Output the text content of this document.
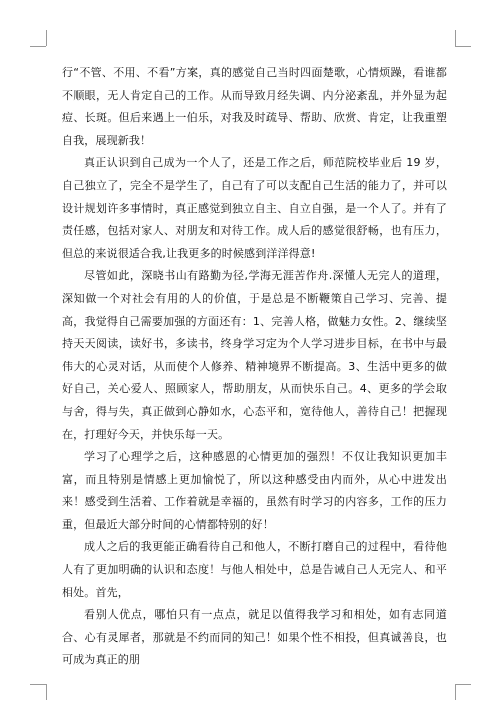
行“不管、不用、不看”方案，真的感觉自己当时四面楚歌，心情烦躁，看谁都不顺眼，无人肯定自己的工作。从而导致月经失调、内分泌紊乱，并外显为起痘、长斑。但后来遇上一伯乐，对我及时疏导、帮助、欣赏、肯定，让我重塑自我，展现新我！

真正认识到自己成为一个人了，还是工作之后，师范院校毕业后 19 岁，自己独立了，完全不是学生了，自己有了可以支配自己生活的能力了，并可以设计规划许多事情时，真正感觉到独立自主、自立自强，是一个人了。并有了责任感，包括对家人、对朋友和对待工作。成人后的感觉很舒畅，也有压力，但总的来说很适合我,让我更多的时候感到洋洋得意!

尽管如此，深晓书山有路勤为径,学海无涯苦作舟.深懂人无完人的道理，深知做一个对社会有用的人的价值，于是总是不断鞭策自己学习、完善、提高，我觉得自己需要加强的方面还有：1、完善人格，做魅力女性。2、继续坚持天天阅读，读好书，多读书，终身学习定为个人学习进步目标，在书中与最伟大的心灵对话，从而使个人修养、精神境界不断提高。3、生活中更多的做好自己，关心爱人、照顾家人，帮助朋友，从而快乐自己。4、更多的学会取与舍，得与失，真正做到心静如水，心态平和，宽待他人，善待自己！把握现在，打理好今天，并快乐每一天。

学习了心理学之后，这种感恩的心情更加的强烈！不仅让我知识更加丰富，而且特别是情感上更加愉悦了，所以这种感受由内而外，从心中进发出来！感受到生活着、工作着就是幸福的，虽然有时学习的内容多，工作的压力重，但最近大部分时间的心情都特别的好！

成人之后的我更能正确看待自己和他人，不断打磨自己的过程中，看待他人有了更加明确的认识和态度！与他人相处中，总是告诫自己人无完人、和平相处。首先，

看别人优点，哪怕只有一点点，就足以值得我学习和相处，如有志同道合、心有灵犀者，那就是不约而同的知己！如果个性不相投，但真诚善良，也可成为真正的朋
